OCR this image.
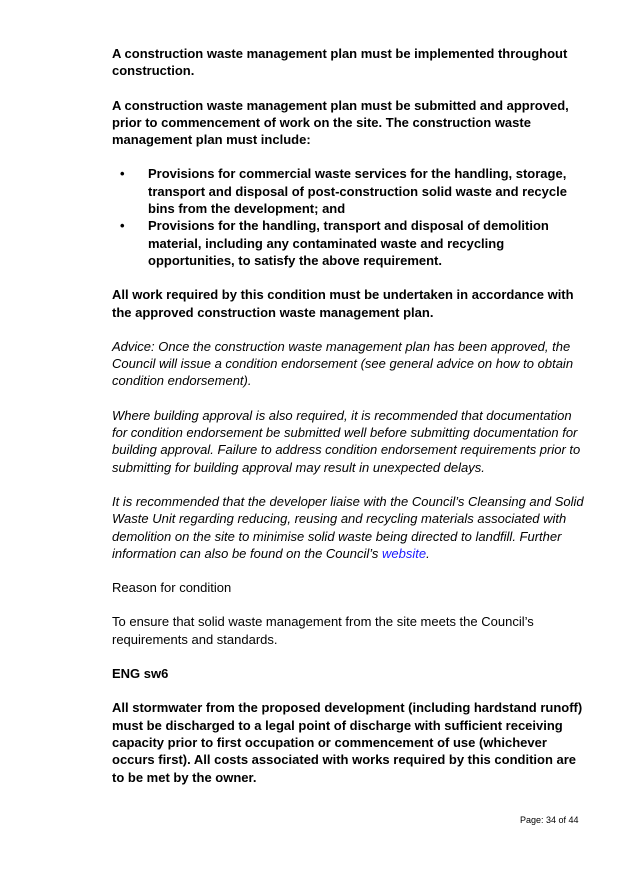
A construction waste management plan must be implemented throughout construction.

A construction waste management plan must be submitted and approved, prior to commencement of work on the site. The construction waste management plan must include:

• Provisions for commercial waste services for the handling, storage, transport and disposal of post-construction solid waste and recycle bins from the development; and
• Provisions for the handling, transport and disposal of demolition material, including any contaminated waste and recycling opportunities, to satisfy the above requirement.

All work required by this condition must be undertaken in accordance with the approved construction waste management plan.

Advice: Once the construction waste management plan has been approved, the Council will issue a condition endorsement (see general advice on how to obtain condition endorsement).

Where building approval is also required, it is recommended that documentation for condition endorsement be submitted well before submitting documentation for building approval. Failure to address condition endorsement requirements prior to submitting for building approval may result in unexpected delays.

It is recommended that the developer liaise with the Council’s Cleansing and Solid Waste Unit regarding reducing, reusing and recycling materials associated with demolition on the site to minimise solid waste being directed to landfill. Further information can also be found on the Council’s website.

Reason for condition

To ensure that solid waste management from the site meets the Council’s requirements and standards.

ENG sw6

All stormwater from the proposed development (including hardstand runoff) must be discharged to a legal point of discharge with sufficient receiving capacity prior to first occupation or commencement of use (whichever occurs first). All costs associated with works required by this condition are to be met by the owner.

Page: 34 of 44
